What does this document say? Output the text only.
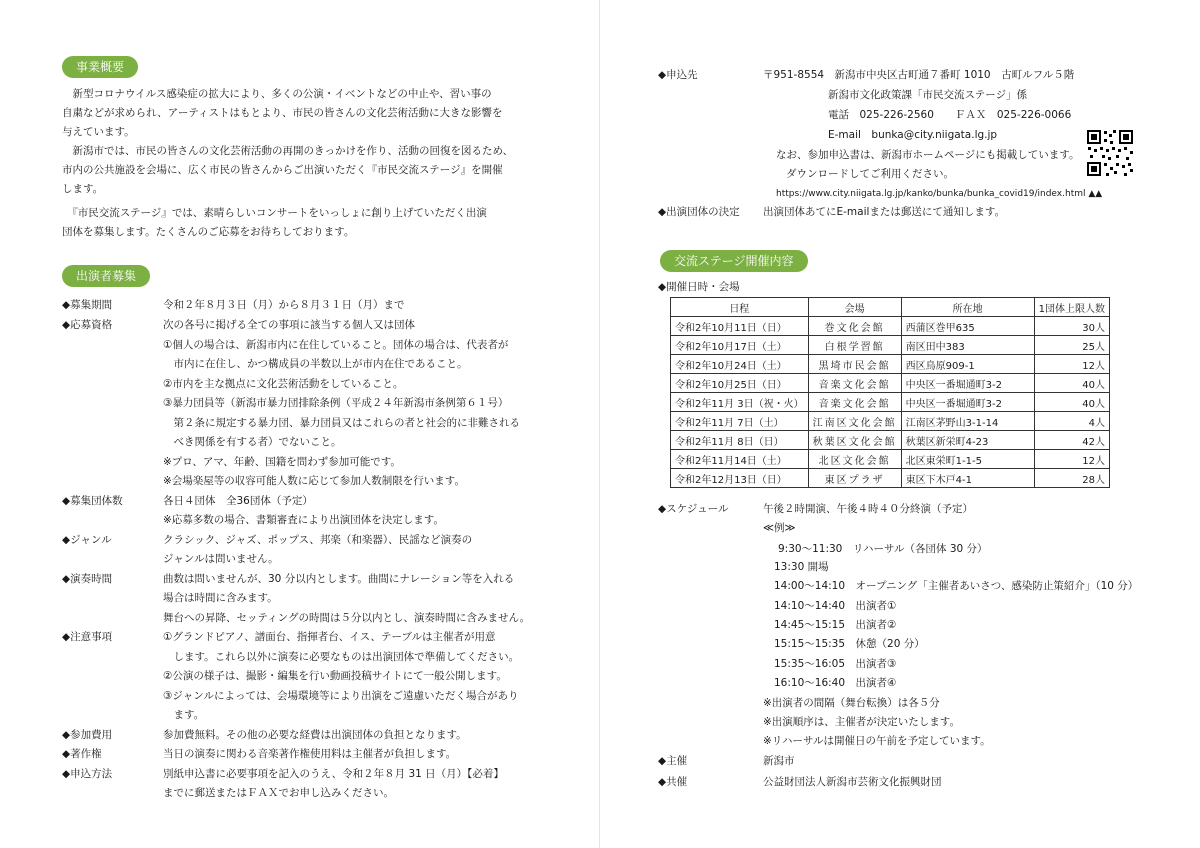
事業概要
　新型コロナウイルス感染症の拡大により、多くの公演・イベントなどの中止や、習い事の
自粛などが求められ、アーティストはもとより、市民の皆さんの文化芸術活動に大きな影響を
与えています。
　新潟市では、市民の皆さんの文化芸術活動の再開のきっかけを作り、活動の回復を図るため、
市内の公共施設を会場に、広く市民の皆さんからご出演いただく『市民交流ステージ』を開催
します。
　『市民交流ステージ』では、素晴らしいコンサートをいっしょに創り上げていただく出演
団体を募集します。たくさんのご応募をお待ちしております。
出演者募集
◆募集期間	令和２年８月３日（月）から８月３１日（月）まで
◆応募資格	次の各号に掲げる全ての事項に該当する個人又は団体
①個人の場合は、新潟市内に在住していること。団体の場合は、代表者が
　市内に在住し、かつ構成員の半数以上が市内在住であること。
②市内を主な拠点に文化芸術活動をしていること。
③暴力団員等（新潟市暴力団排除条例（平成２４年新潟市条例第６１号）
　第２条に規定する暴力団、暴力団員又はこれらの者と社会的に非難される
　べき関係を有する者）でないこと。
※プロ、アマ、年齢、国籍を問わず参加可能です。
※会場楽屋等の収容可能人数に応じて参加人数制限を行います。
◆募集団体数	各日４団体　全36団体（予定）
※応募多数の場合、書類審査により出演団体を決定します。
◆ジャンル	クラシック、ジャズ、ポップス、邦楽（和楽器）、民謡など演奏の
ジャンルは問いません。
◆演奏時間	曲数は問いませんが、30 分以内とします。曲間にナレーション等を入れる
場合は時間に含みます。
舞台への昇降、セッティングの時間は５分以内とし、演奏時間に含みません。
◆注意事項	①グランドピアノ、譜面台、指揮者台、イス、テーブルは主催者が用意
　します。これら以外に演奏に必要なものは出演団体で準備してください。
②公演の様子は、撮影・編集を行い動画投稿サイトにて一般公開します。
③ジャンルによっては、会場環境等により出演をご遠慮いただく場合があり
　ます。
◆参加費用	参加費無料。その他の必要な経費は出演団体の負担となります。
◆著作権	当日の演奏に関わる音楽著作権使用料は主催者が負担します。
◆申込方法	別紙申込書に必要事項を記入のうえ、令和２年８月 31 日（月）【必着】
までに郵送またはＦＡＸでお申し込みください。
◆申込先	〒951-8554　新潟市中央区古町通７番町 1010　古町ルフル５階
新潟市文化政策課「市民交流ステージ」係
電話　025-226-2560　　ＦＡＸ　025-226-0066
E-mail　bunka@city.niigata.lg.jp
なお、参加申込書は、新潟市ホームページにも掲載しています。
ダウンロードしてご利用ください。
https://www.city.niigata.lg.jp/kanko/bunka/bunka_covid19/index.html ▲▲
◆出演団体の決定 出演団体あてにE-mailまたは郵送にて通知します。
交流ステージ開催内容
◆開催日時・会場
日程	会場	所在地	1団体上限人数
令和2年10月11日（日）	巻文化会館	西蒲区巻甲635	30人
令和2年10月17日（土）	白根学習館	南区田中383	25人
令和2年10月24日（土）	黒埼市民会館	西区鳥原909-1	12人
令和2年10月25日（日）	音楽文化会館	中央区一番堀通町3-2	40人
令和2年11月 3日（祝・火）	音楽文化会館	中央区一番堀通町3-2	40人
令和2年11月 7日（土）	江南区文化会館	江南区茅野山3-1-14	4人
令和2年11月 8日（日）	秋葉区文化会館	秋葉区新栄町4-23	42人
令和2年11月14日（土）	北区文化会館	北区東栄町1-1-5	12人
令和2年12月13日（日）	東区プラザ	東区下木戸4-1	28人
◆スケジュール	午後２時開演、午後４時４０分終演（予定）
≪例≫
9:30～11:30　リハーサル（各団体 30 分）
13:30 開場
14:00～14:10　オープニング「主催者あいさつ、感染防止策紹介」（10 分）
14:10～14:40　出演者①
14:45～15:15　出演者②
15:15～15:35　休憩（20 分）
15:35～16:05　出演者③
16:10～16:40　出演者④
※出演者の間隔（舞台転換）は各５分
※出演順序は、主催者が決定いたします。
※リハーサルは開催日の午前を予定しています。
◆主催	新潟市
◆共催	公益財団法人新潟市芸術文化振興財団
